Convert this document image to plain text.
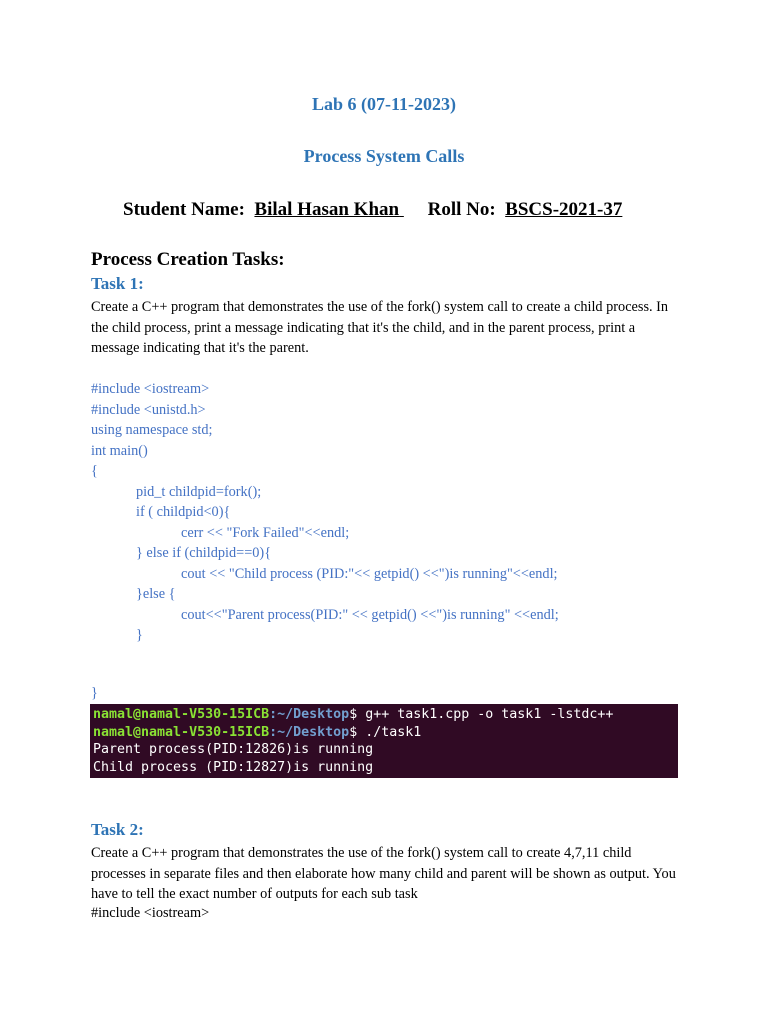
Lab 6 (07-11-2023)
Process System Calls
Student Name: Bilal Hasan Khan Roll No: BSCS-2021-37
Process Creation Tasks:
Task 1:
Create a C++ program that demonstrates the use of the fork() system call to create a child process. In the child process, print a message indicating that it's the child, and in the parent process, print a message indicating that it's the parent.
#include <iostream>
#include <unistd.h>
using namespace std;
int main()
{
pid_t childpid=fork();
if ( childpid<0){
cerr << "Fork Failed"<<endl;
} else if (childpid==0){
cout << "Child process (PID:"<< getpid() <<")is running"<<endl;
}else {
cout<<"Parent process(PID:" << getpid() <<")is running" <<endl;
}
}
namal@namal-V530-15ICB:~/Desktop$ g++ task1.cpp -o task1 -lstdc++
namal@namal-V530-15ICB:~/Desktop$ ./task1
Parent process(PID:12826)is running
Child process (PID:12827)is running
Task 2:
Create a C++ program that demonstrates the use of the fork() system call to create 4,7,11 child processes in separate files and then elaborate how many child and parent will be shown as output. You have to tell the exact number of outputs for each sub task
#include <iostream>
